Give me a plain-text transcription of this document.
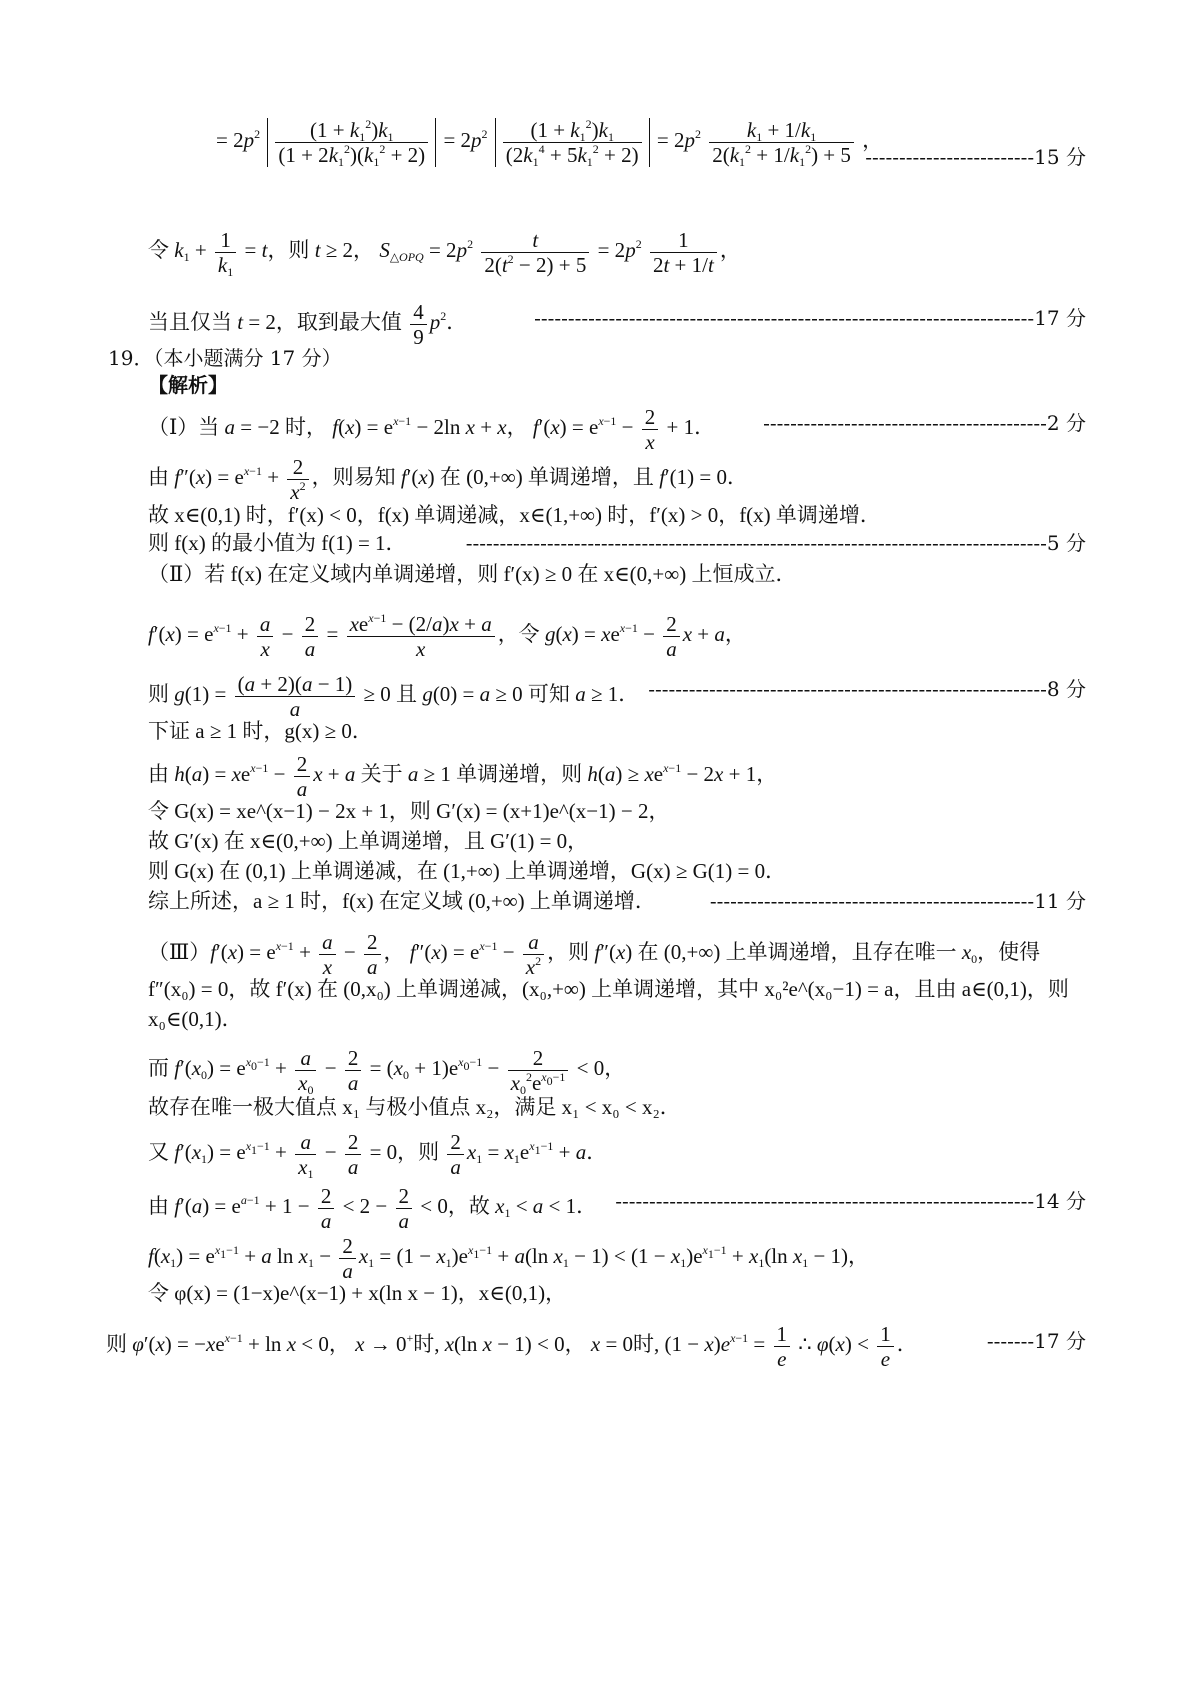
= $2p^2 \frac{(1 + k_1^2)k_1}{(1 + 2k_1^2)(k_1^2 + 2)} = 2p^2 \frac{(1 + k_1^2)k_1}{(2k_1^4 + 5k_1^2 + 2)} = 2p^2 \frac{k_1 + 1/k_1}{2(k_1^2 + 1/k_1^2) + 5}$ ，
-------------------------15 分
令 $k_1 + \frac{1}{k_1} = t$，则 t ≥ 2， $S_{\triangle OPQ} = 2p^2 \frac{t}{2(t^2 - 2) + 5} = 2p^2 \frac{1}{2t + 1/t}$ ，
当且仅当 t = 2，取到最大值 $\frac{4}{9} p^2$．	--------------------------------------------------------------------------17 分
19．（本小题满分 17 分）
【解析】
（Ⅰ）当 a = −2 时， $f(x) = e^{x-1} - 2\ln$ x + x， $f'(x) = e^{x-1} - \frac{2}{x} + 1$． ------------------------------------------2 分
由 $f''(x) = e^{x-1} + \frac{2}{x^2}$ ，则易知 f′(x) 在 (0,+∞) 单调递增，且 f′(1) = 0．
故 x∈(0,1) 时，f′(x) < 0，f(x) 单调递减，x∈(1,+∞) 时，f′(x) > 0，f(x) 单调递增．
则 f(x) 的最小值为 f(1) = 1．	--------------------------------------------------------------------------------------5 分
（Ⅱ）若 f(x) 在定义域内单调递增，则 f′(x) ≥ 0 在 x∈(0,+∞) 上恒成立．
$f'(x) = e^{x-1} + \frac{a}{x} - \frac{2}{a} = \frac{xe^{x-1} - (2/a)x + a}{x}$ ，令 $g(x) = xe^{x-1} - \frac{2}{a}$ x + a，
则 $g(1) = \frac{(a + 2)(a - 1)}{a} \ge 0$ 且 g(0) = a ≥ 0 可知 a ≥ 1． -----------------------------------------------------------8 分
下证 a ≥ 1 时，g(x) ≥ 0．
由 $h(a) = xe^{x-1} - \frac{2}{a}$ x + a 关于 a ≥ 1 单调递增，则 $h(a) \ge xe^{x-1} - 2x + 1$，
令 G(x) = xe^(x−1) − 2x + 1，则 G′(x) = (x+1)e^(x−1) − 2，
故 G′(x) 在 x∈(0,+∞) 上单调递增，且 G′(1) = 0，
则 G(x) 在 (0,1) 上单调递减，在 (1,+∞) 上单调递增，G(x) ≥ G(1) = 0．
综上所述，a ≥ 1 时，f(x) 在定义域 (0,+∞) 上单调递增．	------------------------------------------------11 分
（Ⅲ）f′(x) = $e^{x-1} + \frac{a}{x} - \frac{2}{a}$ ， $f''(x) = e^{x-1} - \frac{a}{x^2}$ ，则 f″(x) 在 (0,+∞) 上单调递增，且存在唯一 $x_0$，使得
f″(x₀) = 0，故 f′(x) 在 (0,x₀) 上单调递减，(x₀,+∞) 上单调递增，其中 x₀²e^(x₀−1) = a，且由 a∈(0,1)，则
x₀∈(0,1)．
而 $f'(x_0) = e^{x_0-1} + \frac{a}{x_0} - \frac{2}{a} = (x_0 + 1)e^{x_0-1} - \frac{2}{x_0^2e^{x_0-1}} < 0$，
故存在唯一极大值点 x₁ 与极小值点 x₂，满足 x₁ < x₀ < x₂．
又 $f'(x_1) = e^{x_1-1} + \frac{a}{x_1} - \frac{2}{a} = 0$，则 $\frac{2}{a} x_1 = x_1e^{x_1-1} + a$．
由 $f'(a) = e^{a-1} + 1 - \frac{2}{a} < 2 - \frac{2}{a} < 0$，故 $x_1 < a < 1$． --------------------------------------------------------------14 分
$f(x_1) = e^{x_1-1} + a$ $\ln x_1 - \frac{2}{a} x_1 = (1 - x_1)e^{x_1-1} + a(\ln$ $x_1 - 1) < (1 - x_1)e^{x_1-1} + x_1(\ln$ $x_1 - 1$)，
令 φ(x) = (1−x)e^(x−1) + x(ln x − 1)，x∈(0,1)，
则 $\varphi'(x) = -xe^{x-1} + \ln x < 0$， x → 0+时, x(ln x − 1) < 0， x = 0时, $(1 - x)e^{x-1} = \frac{1}{e}$ ∴ $\varphi(x) < \frac{1}{e}$ ．	-------17 分
